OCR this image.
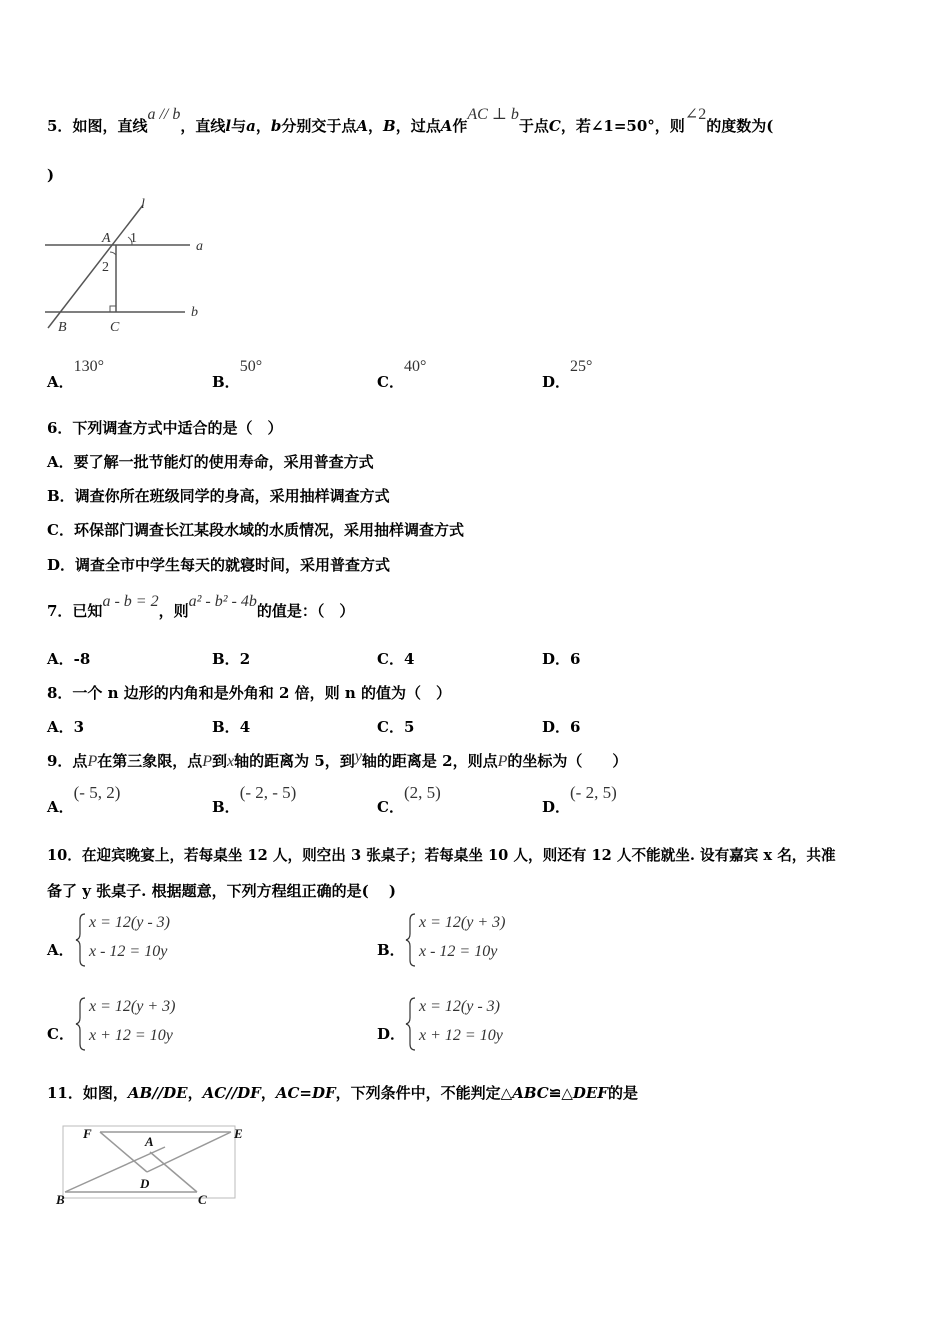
5．如图，直线a // b，直线l与a，b分别交于点A，B，过点A作AC ⊥ b于点C，若∠1=50°，则∠2的度数为(
)
l
A 1
a
2
b
B	C
A．130°
B．50°
C．40°
D．25°
6．下列调查方式中适合的是（　）
A．要了解一批节能灯的使用寿命，采用普查方式
B．调查你所在班级同学的身高，采用抽样调查方式
C．环保部门调查长江某段水域的水质情况，采用抽样调查方式
D．调查全市中学生每天的就寝时间，采用普查方式
7．已知a - b = 2，则a² - b² - 4b的值是：（　）
A．-8	B．2	C．4	D．6
8．一个 n 边形的内角和是外角和 2 倍，则 n 的值为（　）
A．3	B．4	C．5	D．6
9．点P在第三象限，点P到x轴的距离为 5，到y轴的距离是 2，则点P的坐标为（　　）
A．(- 5, 2)
B．(- 2, - 5)
C．(2, 5)
D．(- 2, 5)
10．在迎宾晚宴上，若每桌坐 12 人，则空出 3 张桌子；若每桌坐 10 人，则还有 12 人不能就坐. 设有嘉宾 x 名，共准
备了 y 张桌子. 根据题意，下列方程组正确的是(　 )
A．
x = 12(y - 3)
x - 12 = 10y	B．
x = 12(y + 3)
x - 12 = 10y
C．
x = 12(y + 3)
x + 12 = 10y	D．
x = 12(y - 3)
x + 12 = 10y
11．如图，AB//DE，AC//DF，AC=DF，下列条件中，不能判定△ABC≌△DEF的是
F
A
E
D
B	C
